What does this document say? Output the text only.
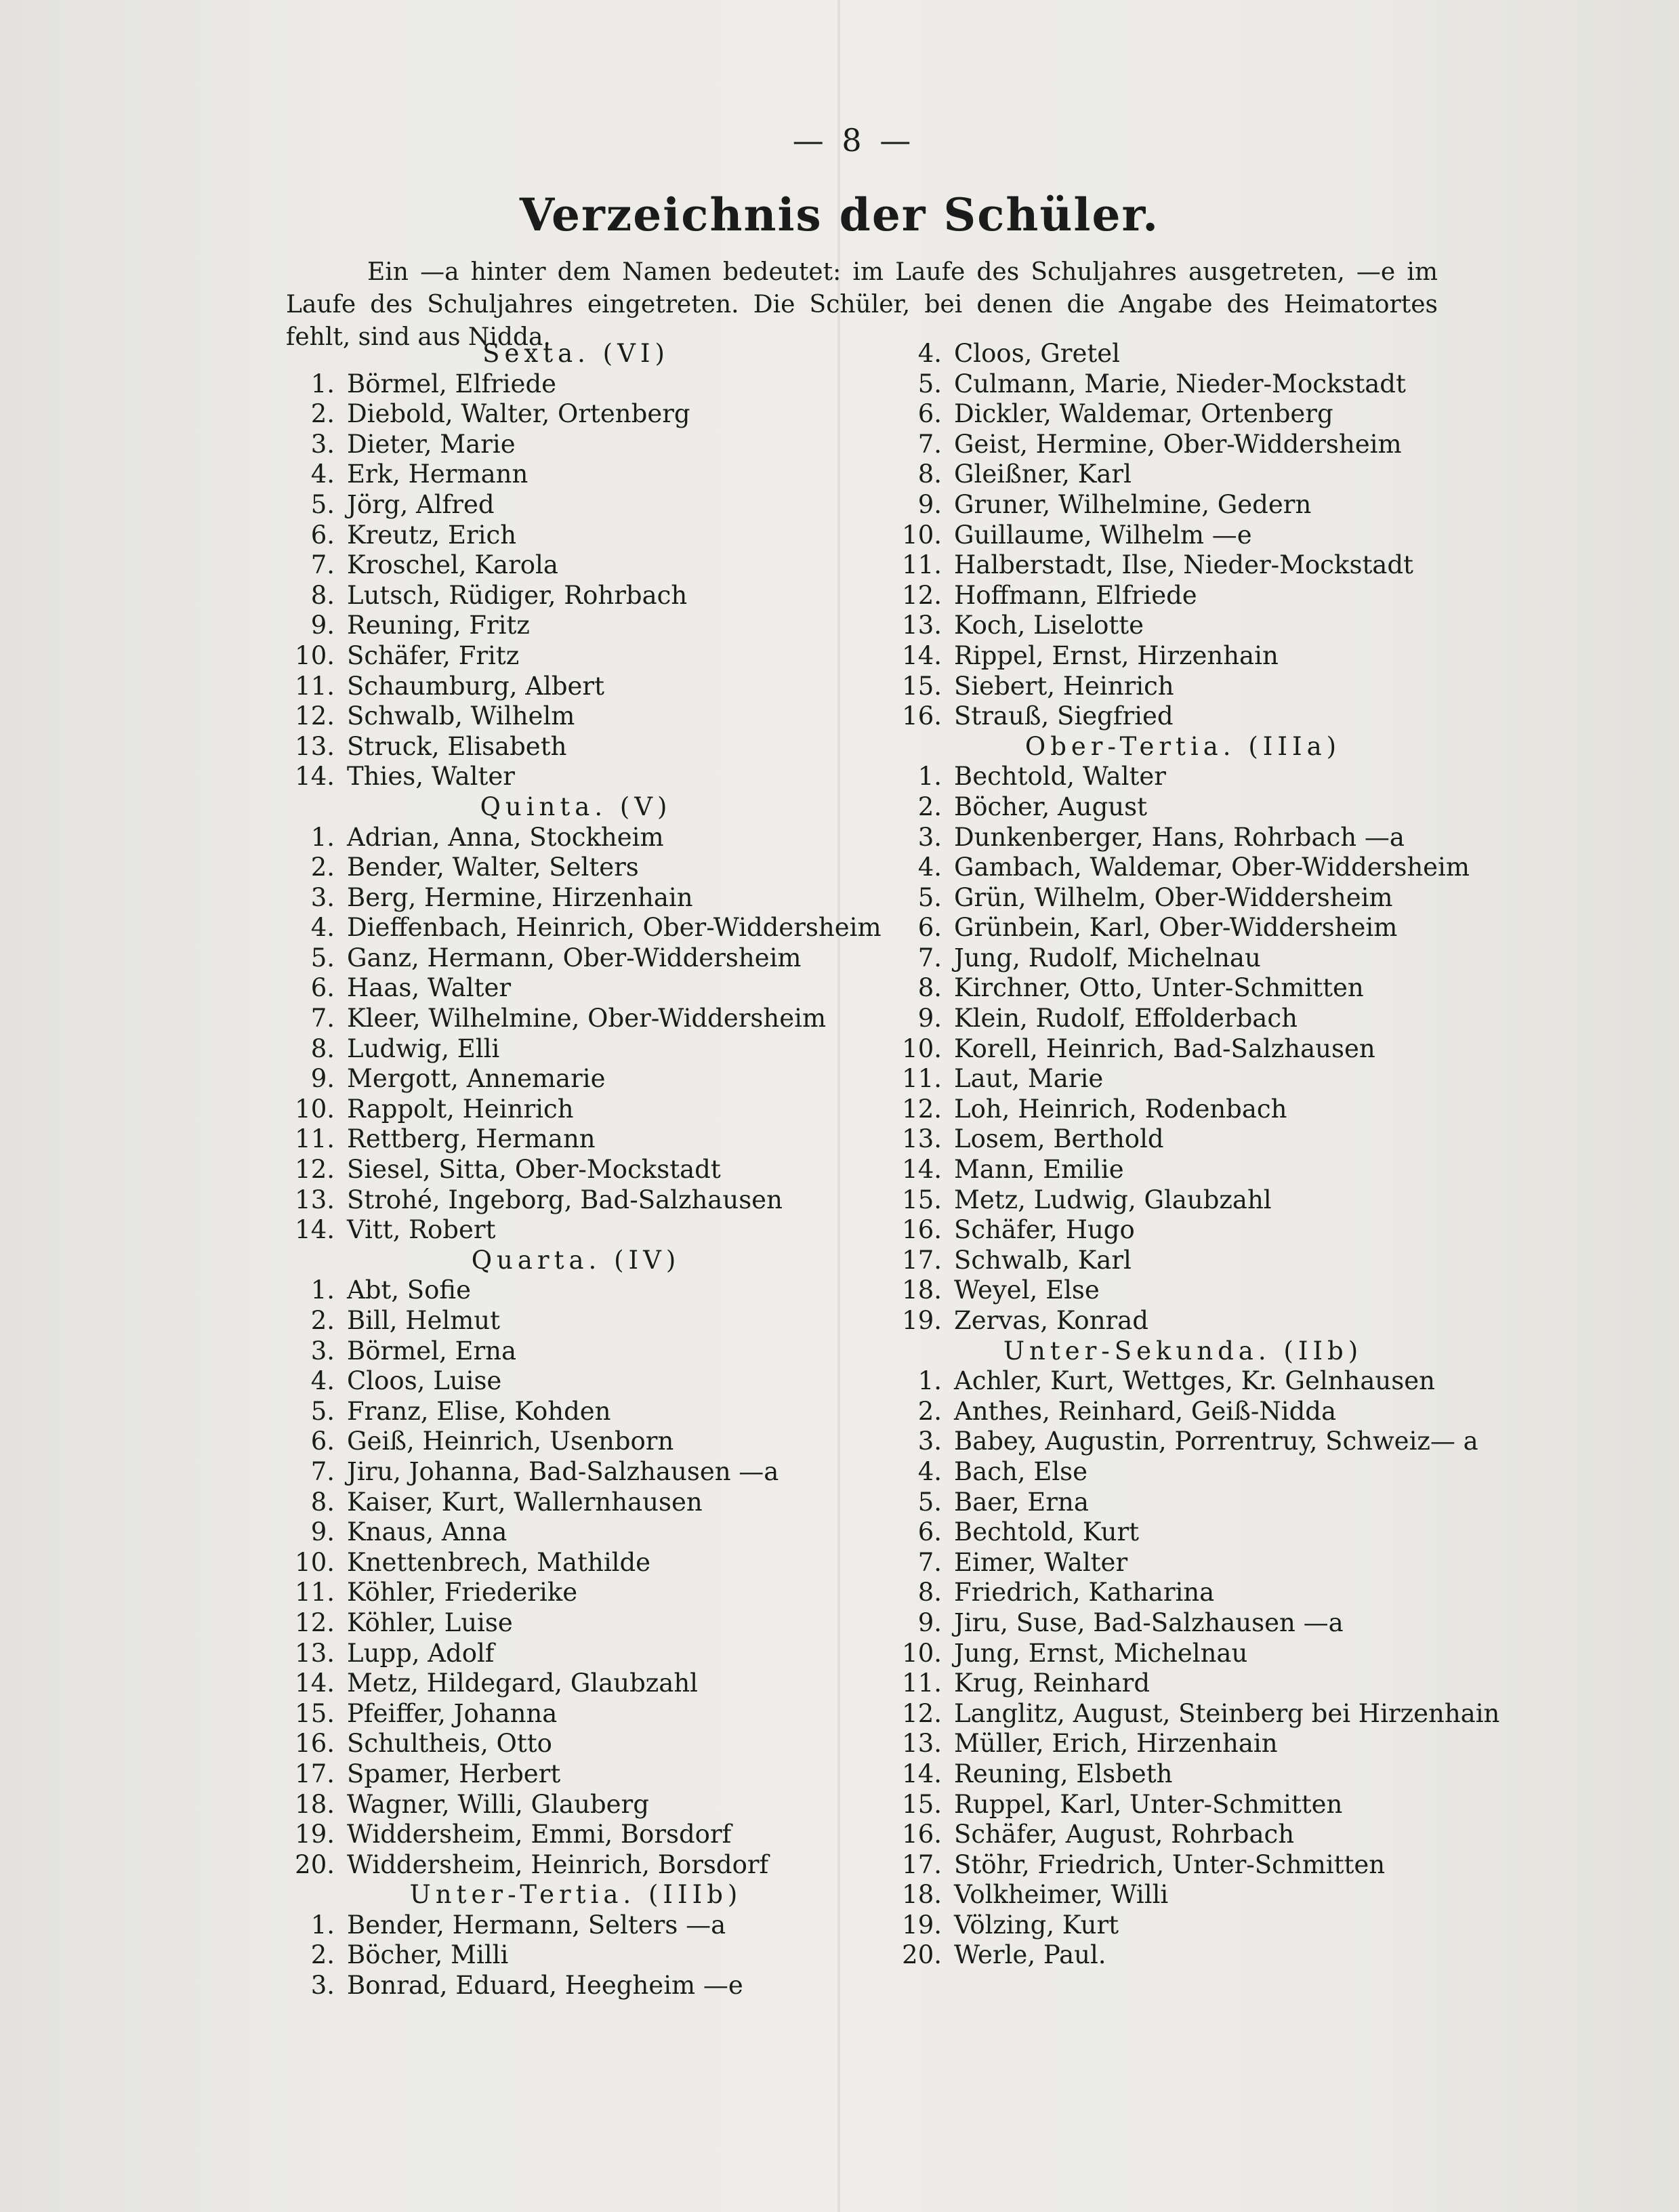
— 8 —
Verzeichnis der Schüler.

Ein —a hinter dem Namen bedeutet: im Laufe des Schuljahres ausgetreten, —e im Laufe des Schuljahres eingetreten. Die Schüler, bei denen die Angabe des Heimatortes fehlt, sind aus Nidda.

Sexta. (VI)
1. Börmel, Elfriede
2. Diebold, Walter, Ortenberg
3. Dieter, Marie
4. Erk, Hermann
5. Jörg, Alfred
6. Kreutz, Erich
7. Kroschel, Karola
8. Lutsch, Rüdiger, Rohrbach
9. Reuning, Fritz
10. Schäfer, Fritz
11. Schaumburg, Albert
12. Schwalb, Wilhelm
13. Struck, Elisabeth
14. Thies, Walter
Quinta. (V)
1. Adrian, Anna, Stockheim
2. Bender, Walter, Selters
3. Berg, Hermine, Hirzenhain
4. Dieffenbach, Heinrich, Ober-Widdersheim
5. Ganz, Hermann, Ober-Widdersheim
6. Haas, Walter
7. Kleer, Wilhelmine, Ober-Widdersheim
8. Ludwig, Elli
9. Mergott, Annemarie
10. Rappolt, Heinrich
11. Rettberg, Hermann
12. Siesel, Sitta, Ober-Mockstadt
13. Strohé, Ingeborg, Bad-Salzhausen
14. Vitt, Robert
Quarta. (IV)
1. Abt, Sofie
2. Bill, Helmut
3. Börmel, Erna
4. Cloos, Luise
5. Franz, Elise, Kohden
6. Geiß, Heinrich, Usenborn
7. Jiru, Johanna, Bad-Salzhausen —a
8. Kaiser, Kurt, Wallernhausen
9. Knaus, Anna
10. Knettenbrech, Mathilde
11. Köhler, Friederike
12. Köhler, Luise
13. Lupp, Adolf
14. Metz, Hildegard, Glaubzahl
15. Pfeiffer, Johanna
16. Schultheis, Otto
17. Spamer, Herbert
18. Wagner, Willi, Glauberg
19. Widdersheim, Emmi, Borsdorf
20. Widdersheim, Heinrich, Borsdorf
Unter-Tertia. (IIIb)
1. Bender, Hermann, Selters —a
2. Böcher, Milli
3. Bonrad, Eduard, Heegheim —e
4. Cloos, Gretel
5. Culmann, Marie, Nieder-Mockstadt
6. Dickler, Waldemar, Ortenberg
7. Geist, Hermine, Ober-Widdersheim
8. Gleißner, Karl
9. Gruner, Wilhelmine, Gedern
10. Guillaume, Wilhelm —e
11. Halberstadt, Ilse, Nieder-Mockstadt
12. Hoffmann, Elfriede
13. Koch, Liselotte
14. Rippel, Ernst, Hirzenhain
15. Siebert, Heinrich
16. Strauß, Siegfried
Ober-Tertia. (IIIa)
1. Bechtold, Walter
2. Böcher, August
3. Dunkenberger, Hans, Rohrbach —a
4. Gambach, Waldemar, Ober-Widdersheim
5. Grün, Wilhelm, Ober-Widdersheim
6. Grünbein, Karl, Ober-Widdersheim
7. Jung, Rudolf, Michelnau
8. Kirchner, Otto, Unter-Schmitten
9. Klein, Rudolf, Effolderbach
10. Korell, Heinrich, Bad-Salzhausen
11. Laut, Marie
12. Loh, Heinrich, Rodenbach
13. Losem, Berthold
14. Mann, Emilie
15. Metz, Ludwig, Glaubzahl
16. Schäfer, Hugo
17. Schwalb, Karl
18. Weyel, Else
19. Zervas, Konrad
Unter-Sekunda. (IIb)
1. Achler, Kurt, Wettges, Kr. Gelnhausen
2. Anthes, Reinhard, Geiß-Nidda
3. Babey, Augustin, Porrentruy, Schweiz— a
4. Bach, Else
5. Baer, Erna
6. Bechtold, Kurt
7. Eimer, Walter
8. Friedrich, Katharina
9. Jiru, Suse, Bad-Salzhausen —a
10. Jung, Ernst, Michelnau
11. Krug, Reinhard
12. Langlitz, August, Steinberg bei Hirzenhain
13. Müller, Erich, Hirzenhain
14. Reuning, Elsbeth
15. Ruppel, Karl, Unter-Schmitten
16. Schäfer, August, Rohrbach
17. Stöhr, Friedrich, Unter-Schmitten
18. Volkheimer, Willi
19. Völzing, Kurt
20. Werle, Paul.
